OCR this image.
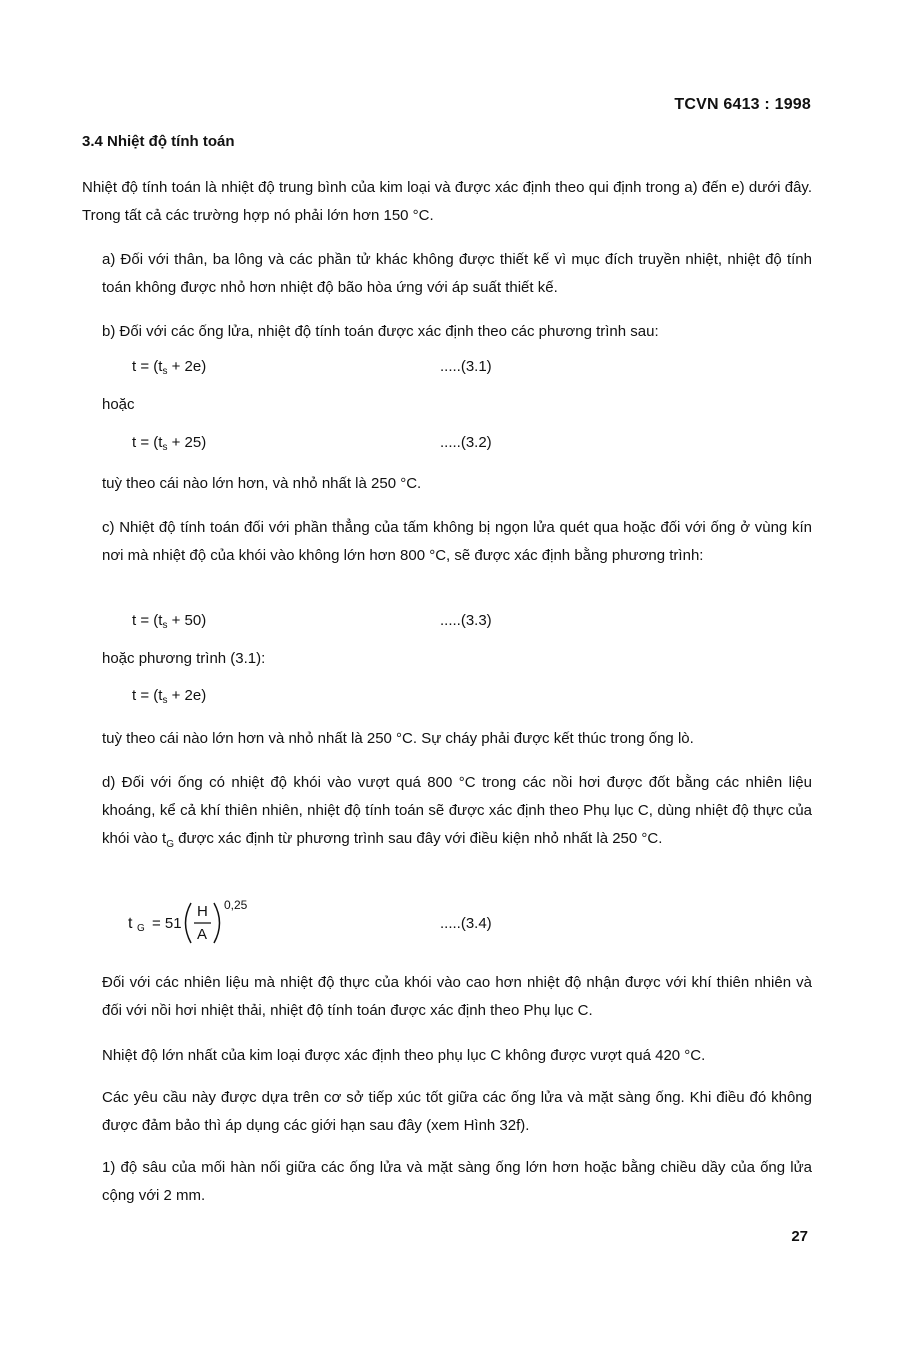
TCVN 6413 : 1998
3.4 Nhiệt độ tính toán
Nhiệt độ tính toán là nhiệt độ trung bình của kim loại và được xác định theo qui định trong a) đến e) dưới đây. Trong tất cả các trường hợp nó phải lớn hơn 150 °C.
a) Đối với thân, ba lông và các phần tử khác không được thiết kế vì mục đích truyền nhiệt, nhiệt độ tính toán không được nhỏ hơn nhiệt độ bão hòa ứng với áp suất thiết kế.
b) Đối với các ống lửa, nhiệt độ tính toán được xác định theo các phương trình sau:
$t = (t_s + 2e)$	.....(3.1)
hoặc
$t = (t_s + 25)$	.....(3.2)
tuỳ theo cái nào lớn hơn, và nhỏ nhất là 250 °C.
c) Nhiệt độ tính toán đối với phần thẳng của tấm không bị ngọn lửa quét qua hoặc đối với ống ở vùng kín nơi mà nhiệt độ của khói vào không lớn hơn 800 °C, sẽ được xác định bằng phương trình:
$t = (t_s + 50)$	.....(3.3)
hoặc phương trình (3.1):
$t = (t_s + 2e)$
tuỳ theo cái nào lớn hơn và nhỏ nhất là 250 °C. Sự cháy phải được kết thúc trong ống lò.
d) Đối với ống có nhiệt độ khói vào vượt quá 800 °C trong các nồi hơi được đốt bằng các nhiên liệu khoáng, kể cả khí thiên nhiên, nhiệt độ tính toán sẽ được xác định theo Phụ lục C, dùng nhiệt độ thực của khói vào $t_G$ được xác định từ phương trình sau đây với điều kiện nhỏ nhất là 250 °C.
t G = 51
H
A
0,25
.....(3.4)
Đối với các nhiên liệu mà nhiệt độ thực của khói vào cao hơn nhiệt độ nhận được với khí thiên nhiên và đối với nồi hơi nhiệt thải, nhiệt độ tính toán được xác định theo Phụ lục C.
Nhiệt độ lớn nhất của kim loại được xác định theo phụ lục C không được vượt quá 420 °C.
Các yêu cầu này được dựa trên cơ sở tiếp xúc tốt giữa các ống lửa và mặt sàng ống. Khi điều đó không được đảm bảo thì áp dụng các giới hạn sau đây (xem Hình 32f).
1) độ sâu của mối hàn nối giữa các ống lửa và mặt sàng ống lớn hơn hoặc bằng chiều dầy của ống lửa cộng với 2 mm.
27
